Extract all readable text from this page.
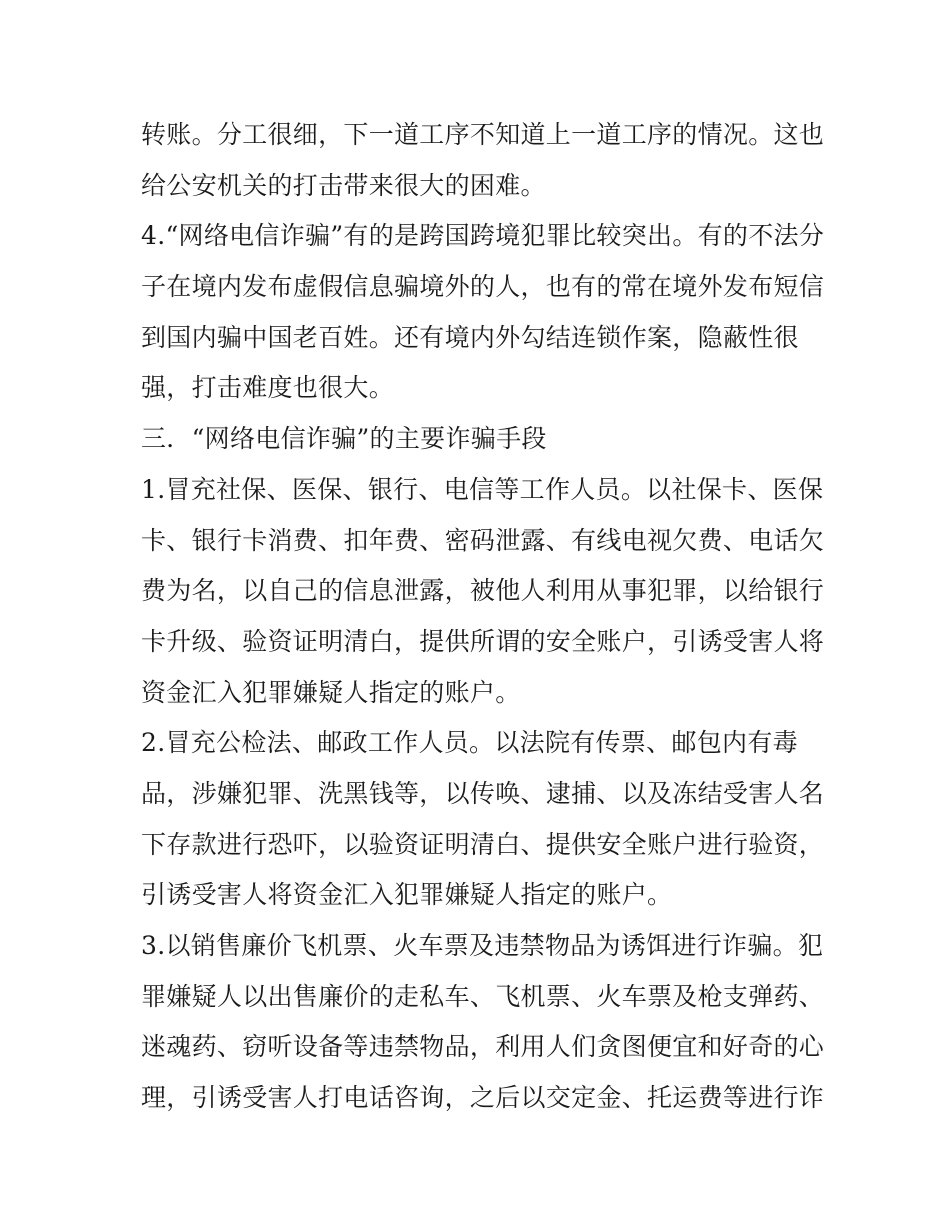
转账。分工很细，下一道工序不知道上一道工序的情况。这也
给公安机关的打击带来很大的困难。
4.“网络电信诈骗”有的是跨国跨境犯罪比较突出。有的不法分
子在境内发布虚假信息骗境外的人，也有的常在境外发布短信
到国内骗中国老百姓。还有境内外勾结连锁作案，隐蔽性很
强，打击难度也很大。
三．“网络电信诈骗”的主要诈骗手段
1.冒充社保、医保、银行、电信等工作人员。以社保卡、医保
卡、银行卡消费、扣年费、密码泄露、有线电视欠费、电话欠
费为名，以自己的信息泄露，被他人利用从事犯罪，以给银行
卡升级、验资证明清白，提供所谓的安全账户，引诱受害人将
资金汇入犯罪嫌疑人指定的账户。
2.冒充公检法、邮政工作人员。以法院有传票、邮包内有毒
品，涉嫌犯罪、洗黑钱等，以传唤、逮捕、以及冻结受害人名
下存款进行恐吓，以验资证明清白、提供安全账户进行验资，
引诱受害人将资金汇入犯罪嫌疑人指定的账户。
3.以销售廉价飞机票、火车票及违禁物品为诱饵进行诈骗。犯
罪嫌疑人以出售廉价的走私车、飞机票、火车票及枪支弹药、
迷魂药、窃听设备等违禁物品，利用人们贪图便宜和好奇的心
理，引诱受害人打电话咨询，之后以交定金、托运费等进行诈
